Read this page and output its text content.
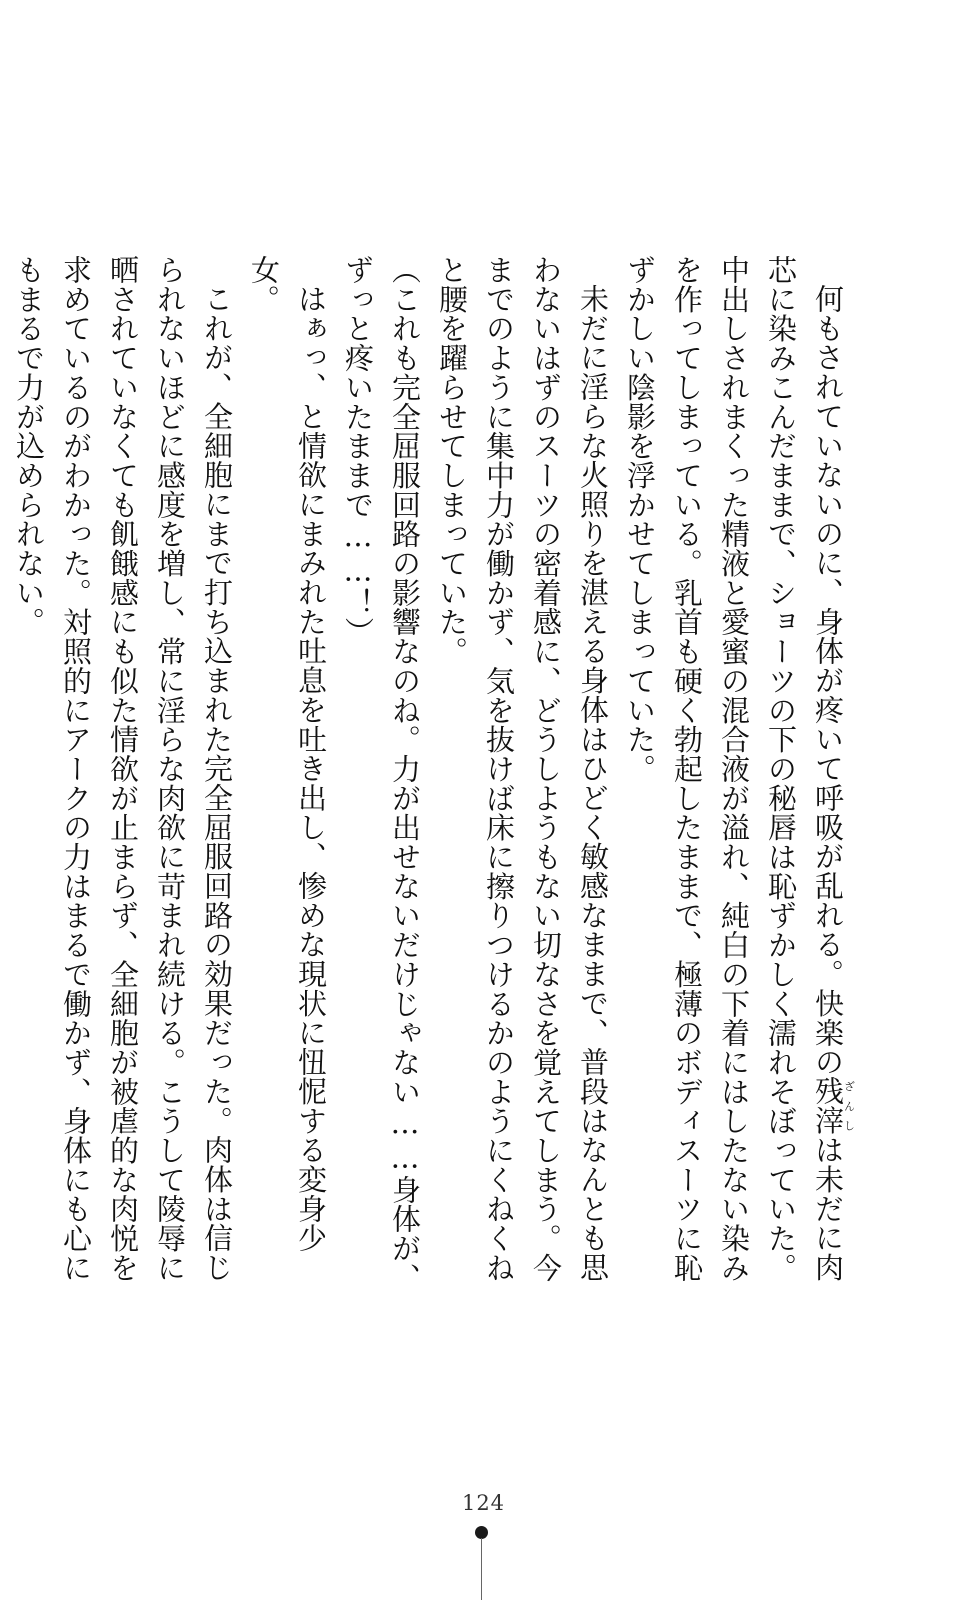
何もされていないのに、身体が疼いて呼吸が乱れる。快楽の残滓ざんしは未だに肉芯に染みこんだままで、ショーツの下の秘唇は恥ずかしく濡れそぼっていた。中出しされまくった精液と愛蜜の混合液が溢れ、純白の下着にはしたない染みを作ってしまっている。乳首も硬く勃起したままで、極薄のボディスーツに恥ずかしい陰影を浮かせてしまっていた。

未だに淫らな火照りを湛える身体はひどく敏感なままで、普段はなんとも思わないはずのスーツの密着感に、どうしようもない切なさを覚えてしまう。今までのように集中力が働かず、気を抜けば床に擦りつけるかのようにくねくねと腰を躍らせてしまっていた。

（これも完全屈服回路の影響なのね。力が出せないだけじゃない……身体が、ずっと疼いたままで……！）

はぁっ、と情欲にまみれた吐息を吐き出し、惨めな現状に忸怩する変身少女。

これが、全細胞にまで打ち込まれた完全屈服回路の効果だった。肉体は信じられないほどに感度を増し、常に淫らな肉欲に苛まれ続ける。こうして陵辱に晒されていなくても飢餓感にも似た情欲が止まらず、全細胞が被虐的な肉悦を求めているのがわかった。対照的にアークの力はまるで働かず、身体にも心にもまるで力が込められない。

124
